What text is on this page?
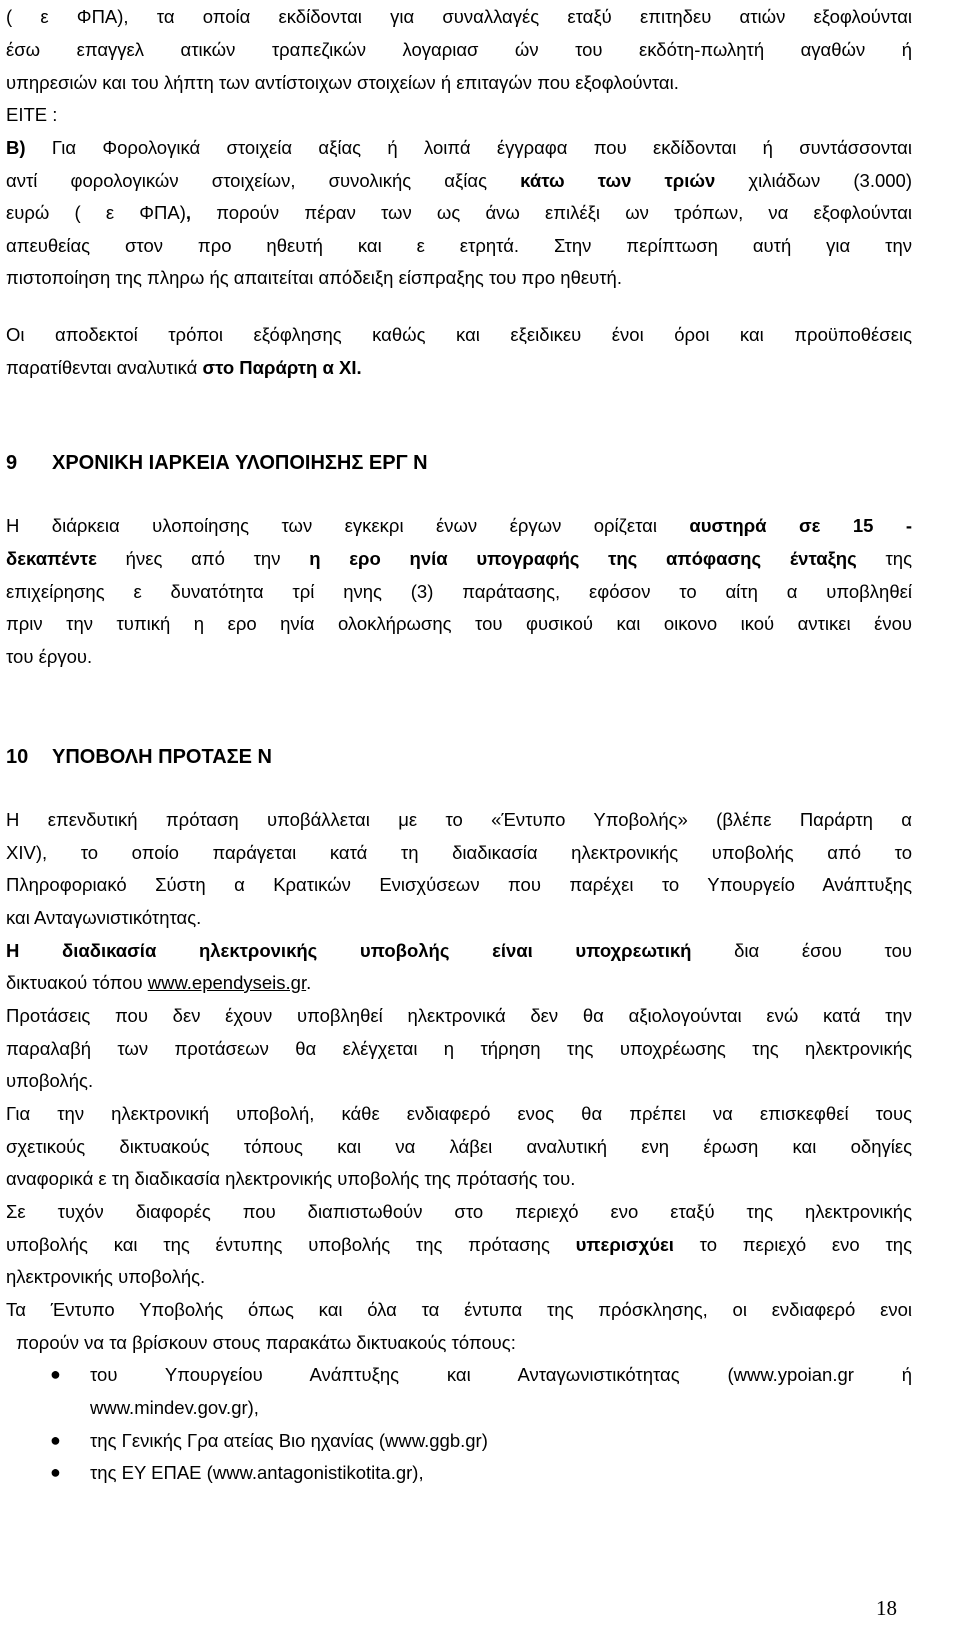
( ε ΦΠΑ), τα οποία εκδίδονται για συναλλαγές εταξύ επιτηδευ ατιών εξοφλούνται

έσω επαγγελ ατικών τραπεζικών λογαριασ ών του εκδότη-πωλητή αγαθών ή

υπηρεσιών και του λήπτη των αντίστοιχων στοιχείων ή επιταγών που εξοφλούνται.

ΕΙΤΕ :

Β) Για Φορολογικά στοιχεία αξίας ή λοιπά έγγραφα που εκδίδονται ή συντάσσονται

αντί φορολογικών στοιχείων, συνολικής αξίας κάτω των τριών χιλιάδων (3.000)

ευρώ ( ε ΦΠΑ), πορούν πέραν των ως άνω επιλέξι ων τρόπων, να εξοφλούνται

απευθείας στον προ ηθευτή και ε ετρητά. Στην περίπτωση αυτή για την

πιστοποίηση της πληρω ής απαιτείται απόδειξη είσπραξης του προ ηθευτή.

Οι αποδεκτοί τρόποι εξόφλησης καθώς και εξειδικευ ένοι όροι και προϋποθέσεις

παρατίθενται αναλυτικά στο Παράρτη α XI.

9 ΧΡΟΝΙΚΗ ΙΑΡΚΕΙΑ ΥΛΟΠΟΙΗΣΗΣ ΕΡΓ Ν

Η διάρκεια υλοποίησης των εγκεκρι ένων έργων ορίζεται αυστηρά σε 15 -

δεκαπέντε ήνες από την η ερο ηνία υπογραφής της απόφασης ένταξης της

επιχείρησης ε δυνατότητα τρί ηνης (3) παράτασης, εφόσον το αίτη α υποβληθεί

πριν την τυπική η ερο ηνία ολοκλήρωσης του φυσικού και οικονο ικού αντικει ένου

του έργου.

10 ΥΠΟΒΟΛΗ ΠΡΟΤΑΣΕ Ν

Η επενδυτική πρόταση υποβάλλεται με το «Έντυπο Υποβολής» (βλέπε Παράρτη α

XIV), το οποίο παράγεται κατά τη διαδικασία ηλεκτρονικής υποβολής από το

Πληροφοριακό Σύστη α Κρατικών Ενισχύσεων που παρέχει το Υπουργείο Ανάπτυξης

και Ανταγωνιστικότητας.

Η διαδικασία ηλεκτρονικής υποβολής είναι υποχρεωτική δια έσου του

δικτυακού τόπου www.ependyseis.gr.

Προτάσεις που δεν έχουν υποβληθεί ηλεκτρονικά δεν θα αξιολογούνται ενώ κατά την

παραλαβή των προτάσεων θα ελέγχεται η τήρηση της υποχρέωσης της ηλεκτρονικής

υποβολής.

Για την ηλεκτρονική υποβολή, κάθε ενδιαφερό ενος θα πρέπει να επισκεφθεί τους

σχετικούς δικτυακούς τόπους και να λάβει αναλυτική ενη έρωση και οδηγίες

αναφορικά ε τη διαδικασία ηλεκτρονικής υποβολής της πρότασής του.

Σε τυχόν διαφορές που διαπιστωθούν στο περιεχό ενο εταξύ της ηλεκτρονικής

υποβολής και της έντυπης υποβολής της πρότασης υπερισχύει το περιεχό ενο της

ηλεκτρονικής υποβολής.

Τα Έντυπο Υποβολής όπως και όλα τα έντυπα της πρόσκλησης, οι ενδιαφερό ενοι

πορούν να τα βρίσκουν στους παρακάτω δικτυακούς τόπους:

● του Υπουργείου Ανάπτυξης και Ανταγωνιστικότητας (www.ypoian.gr ή

www.mindev.gov.gr),

● της Γενικής Γρα ατείας Βιο ηχανίας (www.ggb.gr)

● της ΕΥ ΕΠΑΕ (www.antagonistikotita.gr),

18
